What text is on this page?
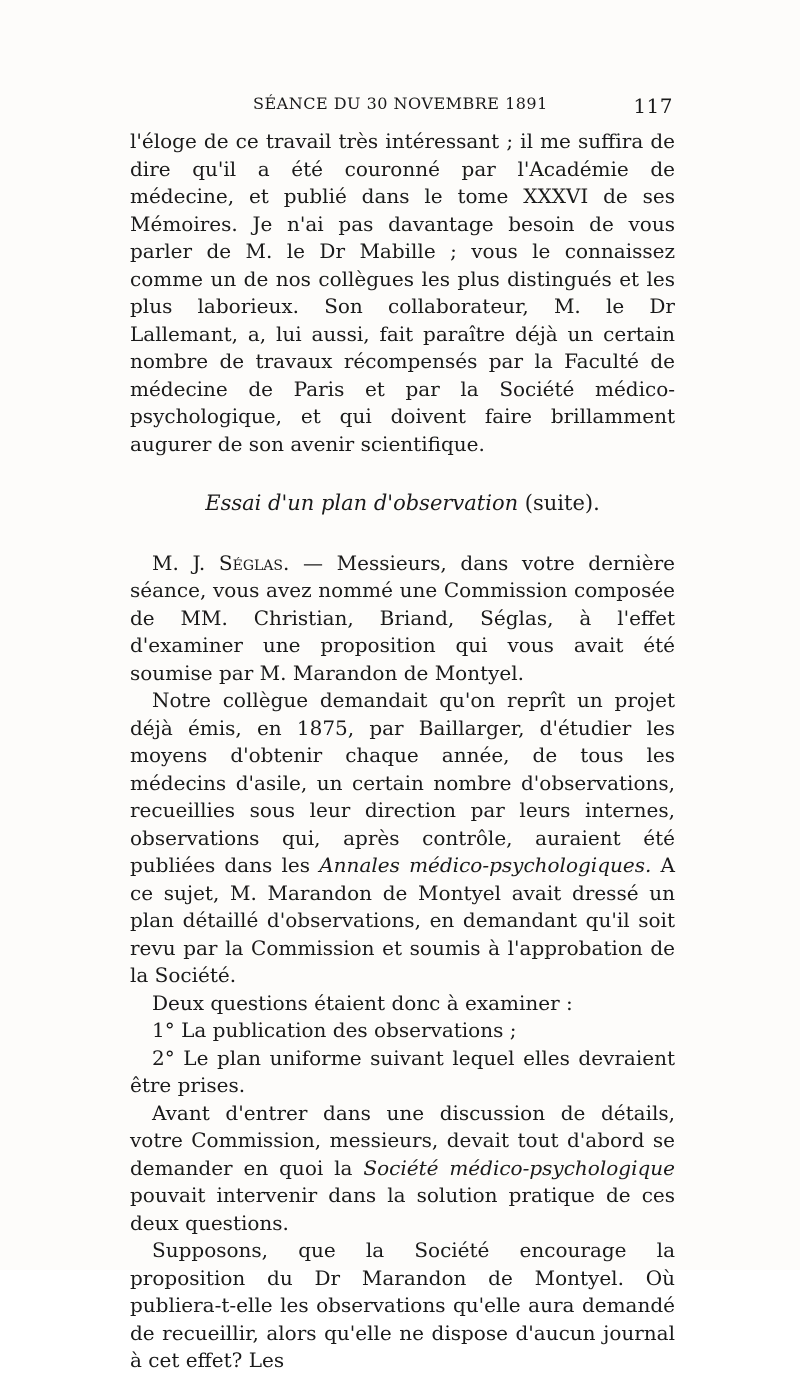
SÉANCE DU 30 NOVEMBRE 1891	117

l'éloge de ce travail très intéressant ; il me suffira de dire qu'il a été couronné par l'Académie de médecine, et publié dans le tome XXXVI de ses Mémoires. Je n'ai pas davantage besoin de vous parler de M. le Dr Mabille ; vous le connaissez comme un de nos collègues les plus distingués et les plus laborieux. Son collaborateur, M. le Dr Lallemant, a, lui aussi, fait paraître déjà un certain nombre de travaux récompensés par la Faculté de médecine de Paris et par la Société médico-psychologique, et qui doivent faire brillamment augurer de son avenir scientifique.

Essai d'un plan d'observation (suite).

M. J. Séglas. — Messieurs, dans votre dernière séance, vous avez nommé une Commission composée de MM. Christian, Briand, Séglas, à l'effet d'examiner une proposition qui vous avait été soumise par M. Marandon de Montyel.

Notre collègue demandait qu'on reprît un projet déjà émis, en 1875, par Baillarger, d'étudier les moyens d'obtenir chaque année, de tous les médecins d'asile, un certain nombre d'observations, recueillies sous leur direction par leurs internes, observations qui, après contrôle, auraient été publiées dans les Annales médico-psychologiques. A ce sujet, M. Marandon de Montyel avait dressé un plan détaillé d'observations, en demandant qu'il soit revu par la Commission et soumis à l'approbation de la Société.

Deux questions étaient donc à examiner :

1° La publication des observations ;

2° Le plan uniforme suivant lequel elles devraient être prises.

Avant d'entrer dans une discussion de détails, votre Commission, messieurs, devait tout d'abord se demander en quoi la Société médico-psychologique pouvait intervenir dans la solution pratique de ces deux questions.

Supposons, que la Société encourage la proposition du Dr Marandon de Montyel. Où publiera-t-elle les observations qu'elle aura demandé de recueillir, alors qu'elle ne dispose d'aucun journal à cet effet? Les
